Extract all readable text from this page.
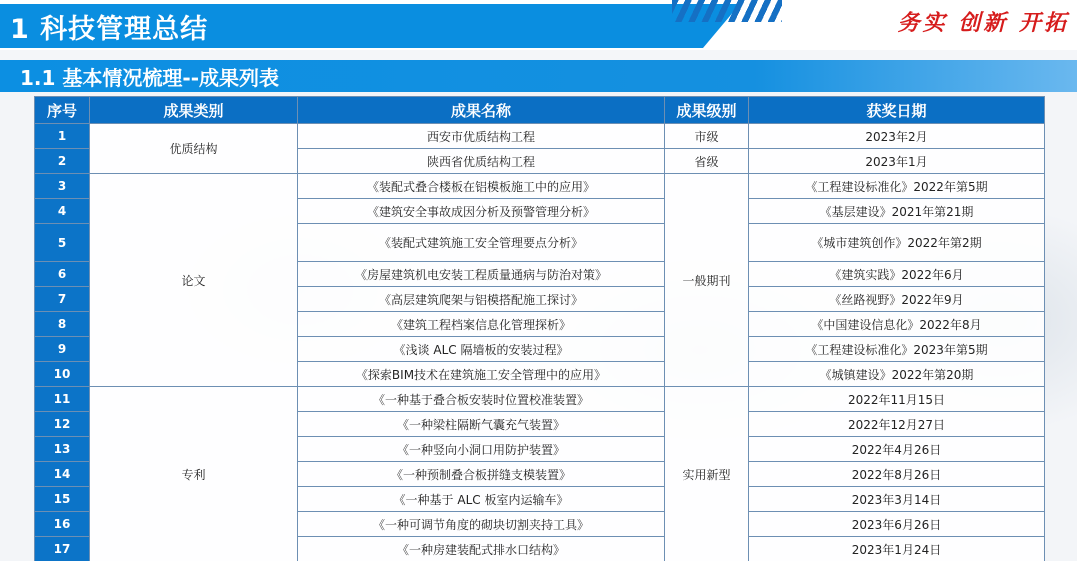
1 科技管理总结	务实 创新 开拓
1.1 基本情况梳理--成果列表
序号	成果类别	成果名称	成果级别	获奖日期
1	优质结构	西安市优质结构工程	市级	2023年2月
2		陕西省优质结构工程	省级	2023年1月
3	论文	《装配式叠合楼板在铝模板施工中的应用》	一般期刊	《工程建设标准化》2022年第5期
4		《建筑安全事故成因分析及预警管理分析》		《基层建设》2021年第21期
5		《装配式建筑施工安全管理要点分析》		《城市建筑创作》2022年第2期
6		《房屋建筑机电安装工程质量通病与防治对策》		《建筑实践》2022年6月
7		《高层建筑爬架与铝模搭配施工探讨》		《丝路视野》2022年9月
8		《建筑工程档案信息化管理探析》		《中国建设信息化》2022年8月
9		《浅谈 ALC 隔墙板的安装过程》		《工程建设标准化》2023年第5期
10		《探索BIM技术在建筑施工安全管理中的应用》		《城镇建设》2022年第20期
11	专利	《一种基于叠合板安装时位置校准装置》	实用新型	2022年11月15日
12		《一种梁柱隔断气囊充气装置》		2022年12月27日
13		《一种竖向小洞口用防护装置》		2022年4月26日
14		《一种预制叠合板拼缝支模装置》		2022年8月26日
15		《一种基于 ALC 板室内运输车》		2023年3月14日
16		《一种可调节角度的砌块切割夹持工具》		2023年6月26日
17		《一种房建装配式排水口结构》		2023年1月24日
